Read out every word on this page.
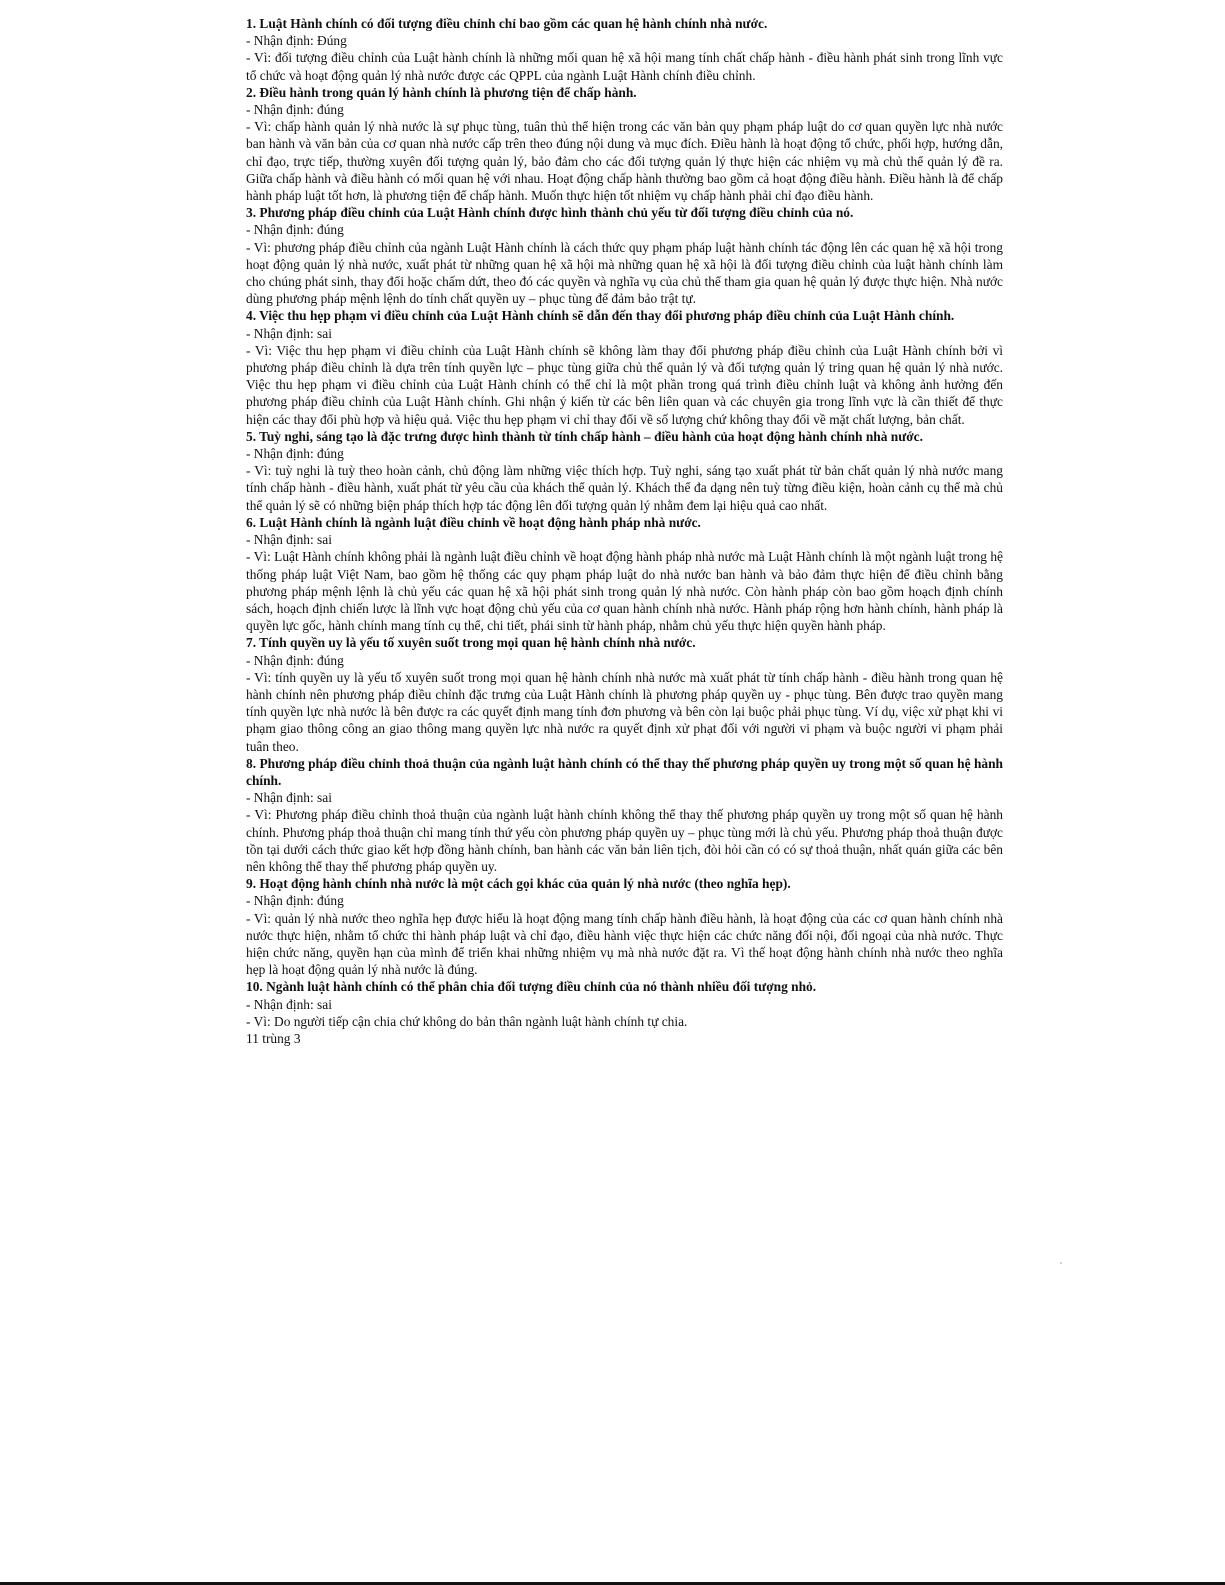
1. Luật Hành chính có đối tượng điều chỉnh chỉ bao gồm các quan hệ hành chính nhà nước.

- Nhận định: Đúng

- Vì: đối tượng điều chỉnh của Luật hành chính là những mối quan hệ xã hội mang tính chất chấp hành - điều hành phát sinh trong lĩnh vực tổ chức và hoạt động quản lý nhà nước được các QPPL của ngành Luật Hành chính điều chỉnh.

2. Điều hành trong quản lý hành chính là phương tiện để chấp hành.

- Nhận định: đúng

- Vì: chấp hành quản lý nhà nước là sự phục tùng, tuân thủ thể hiện trong các văn bản quy phạm pháp luật do cơ quan quyền lực nhà nước ban hành và văn bản của cơ quan nhà nước cấp trên theo đúng nội dung và mục đích. Điều hành là hoạt động tổ chức, phối hợp, hướng dẫn, chỉ đạo, trực tiếp, thường xuyên đối tượng quản lý, bảo đảm cho các đối tượng quản lý thực hiện các nhiệm vụ mà chủ thể quản lý đề ra. Giữa chấp hành và điều hành có mối quan hệ với nhau. Hoạt động chấp hành thường bao gồm cả hoạt động điều hành. Điều hành là để chấp hành pháp luật tốt hơn, là phương tiện để chấp hành. Muốn thực hiện tốt nhiệm vụ chấp hành phải chỉ đạo điều hành.

3. Phương pháp điều chỉnh của Luật Hành chính được hình thành chủ yếu từ đối tượng điều chỉnh của nó.

- Nhận định: đúng

- Vì: phương pháp điều chỉnh của ngành Luật Hành chính là cách thức quy phạm pháp luật hành chính tác động lên các quan hệ xã hội trong hoạt động quản lý nhà nước, xuất phát từ những quan hệ xã hội mà những quan hệ xã hội là đối tượng điều chỉnh của luật hành chính làm cho chúng phát sinh, thay đổi hoặc chấm dứt, theo đó các quyền và nghĩa vụ của chủ thể tham gia quan hệ quản lý được thực hiện. Nhà nước dùng phương pháp mệnh lệnh do tính chất quyền uy – phục tùng để đảm bảo trật tự.

4. Việc thu hẹp phạm vi điều chỉnh của Luật Hành chính sẽ dẫn đến thay đổi phương pháp điều chỉnh của Luật Hành chính.

- Nhận định: sai

- Vì: Việc thu hẹp phạm vi điều chỉnh của Luật Hành chính sẽ không làm thay đổi phương pháp điều chỉnh của Luật Hành chính bởi vì phương pháp điều chỉnh là dựa trên tính quyền lực – phục tùng giữa chủ thể quản lý và đối tượng quản lý tring quan hệ quản lý nhà nước. Việc thu hẹp phạm vi điều chỉnh của Luật Hành chính có thể chỉ là một phần trong quá trình điều chỉnh luật và không ảnh hưởng đến phương pháp điều chỉnh của Luật Hành chính. Ghi nhận ý kiến từ các bên liên quan và các chuyên gia trong lĩnh vực là cần thiết để thực hiện các thay đổi phù hợp và hiệu quả. Việc thu hẹp phạm vi chỉ thay đổi về số lượng chứ không thay đổi về mặt chất lượng, bản chất.

5. Tuỳ nghi, sáng tạo là đặc trưng được hình thành từ tính chấp hành – điều hành của hoạt động hành chính nhà nước.

- Nhận định: đúng

- Vì: tuỳ nghi là tuỳ theo hoàn cảnh, chủ động làm những việc thích hợp. Tuỳ nghi, sáng tạo xuất phát từ bản chất quản lý nhà nước mang tính chấp hành - điều hành, xuất phát từ yêu cầu của khách thể quản lý. Khách thể đa dạng nên tuỳ từng điều kiện, hoàn cảnh cụ thể mà chủ thể quản lý sẽ có những biện pháp thích hợp tác động lên đối tượng quản lý nhằm đem lại hiệu quả cao nhất.

6. Luật Hành chính là ngành luật điều chỉnh về hoạt động hành pháp nhà nước.

- Nhận định: sai

- Vì: Luật Hành chính không phải là ngành luật điều chỉnh về hoạt động hành pháp nhà nước mà Luật Hành chính là một ngành luật trong hệ thống pháp luật Việt Nam, bao gồm hệ thống các quy phạm pháp luật do nhà nước ban hành và bảo đảm thực hiện để điều chỉnh bằng phương pháp mệnh lệnh là chủ yếu các quan hệ xã hội phát sinh trong quản lý nhà nước. Còn hành pháp còn bao gồm hoạch định chính sách, hoạch định chiến lược là lĩnh vực hoạt động chủ yếu của cơ quan hành chính nhà nước. Hành pháp rộng hơn hành chính, hành pháp là quyền lực gốc, hành chính mang tính cụ thể, chi tiết, phái sinh từ hành pháp, nhằm chủ yếu thực hiện quyền hành pháp.

7. Tính quyền uy là yếu tố xuyên suốt trong mọi quan hệ hành chính nhà nước.

- Nhận định: đúng

- Vì: tính quyền uy là yếu tố xuyên suốt trong mọi quan hệ hành chính nhà nước mà xuất phát từ tính chấp hành - điều hành trong quan hệ hành chính nên phương pháp điều chỉnh đặc trưng của Luật Hành chính là phương pháp quyền uy - phục tùng. Bên được trao quyền mang tính quyền lực nhà nước là bên được ra các quyết định mang tính đơn phương và bên còn lại buộc phải phục tùng. Ví dụ, việc xử phạt khi vi phạm giao thông công an giao thông mang quyền lực nhà nước ra quyết định xử phạt đối với người vi phạm và buộc người vi phạm phải tuân theo.

8. Phương pháp điều chỉnh thoả thuận của ngành luật hành chính có thể thay thế phương pháp quyền uy trong một số quan hệ hành chính.

- Nhận định: sai

- Vì: Phương pháp điều chỉnh thoả thuận của ngành luật hành chính không thể thay thế phương pháp quyền uy trong một số quan hệ hành chính. Phương pháp thoả thuận chỉ mang tính thứ yếu còn phương pháp quyền uy – phục tùng mới là chủ yếu. Phương pháp thoả thuận được tồn tại dưới cách thức giao kết hợp đồng hành chính, ban hành các văn bản liên tịch, đòi hỏi cần có có sự thoả thuận, nhất quán giữa các bên nên không thể thay thế phương pháp quyền uy.

9. Hoạt động hành chính nhà nước là một cách gọi khác của quản lý nhà nước (theo nghĩa hẹp).

- Nhận định: đúng

- Vì: quản lý nhà nước theo nghĩa hẹp được hiểu là hoạt động mang tính chấp hành điều hành, là hoạt động của các cơ quan hành chính nhà nước thực hiện, nhằm tổ chức thi hành pháp luật và chỉ đạo, điều hành việc thực hiện các chức năng đối nội, đối ngoại của nhà nước. Thực hiện chức năng, quyền hạn của mình để triển khai những nhiệm vụ mà nhà nước đặt ra. Vì thế hoạt động hành chính nhà nước theo nghĩa hẹp là hoạt động quản lý nhà nước là đúng.

10. Ngành luật hành chính có thể phân chia đối tượng điều chỉnh của nó thành nhiều đối tượng nhỏ.

- Nhận định: sai

- Vì: Do người tiếp cận chia chứ không do bản thân ngành luật hành chính tự chia.

11 trùng 3
